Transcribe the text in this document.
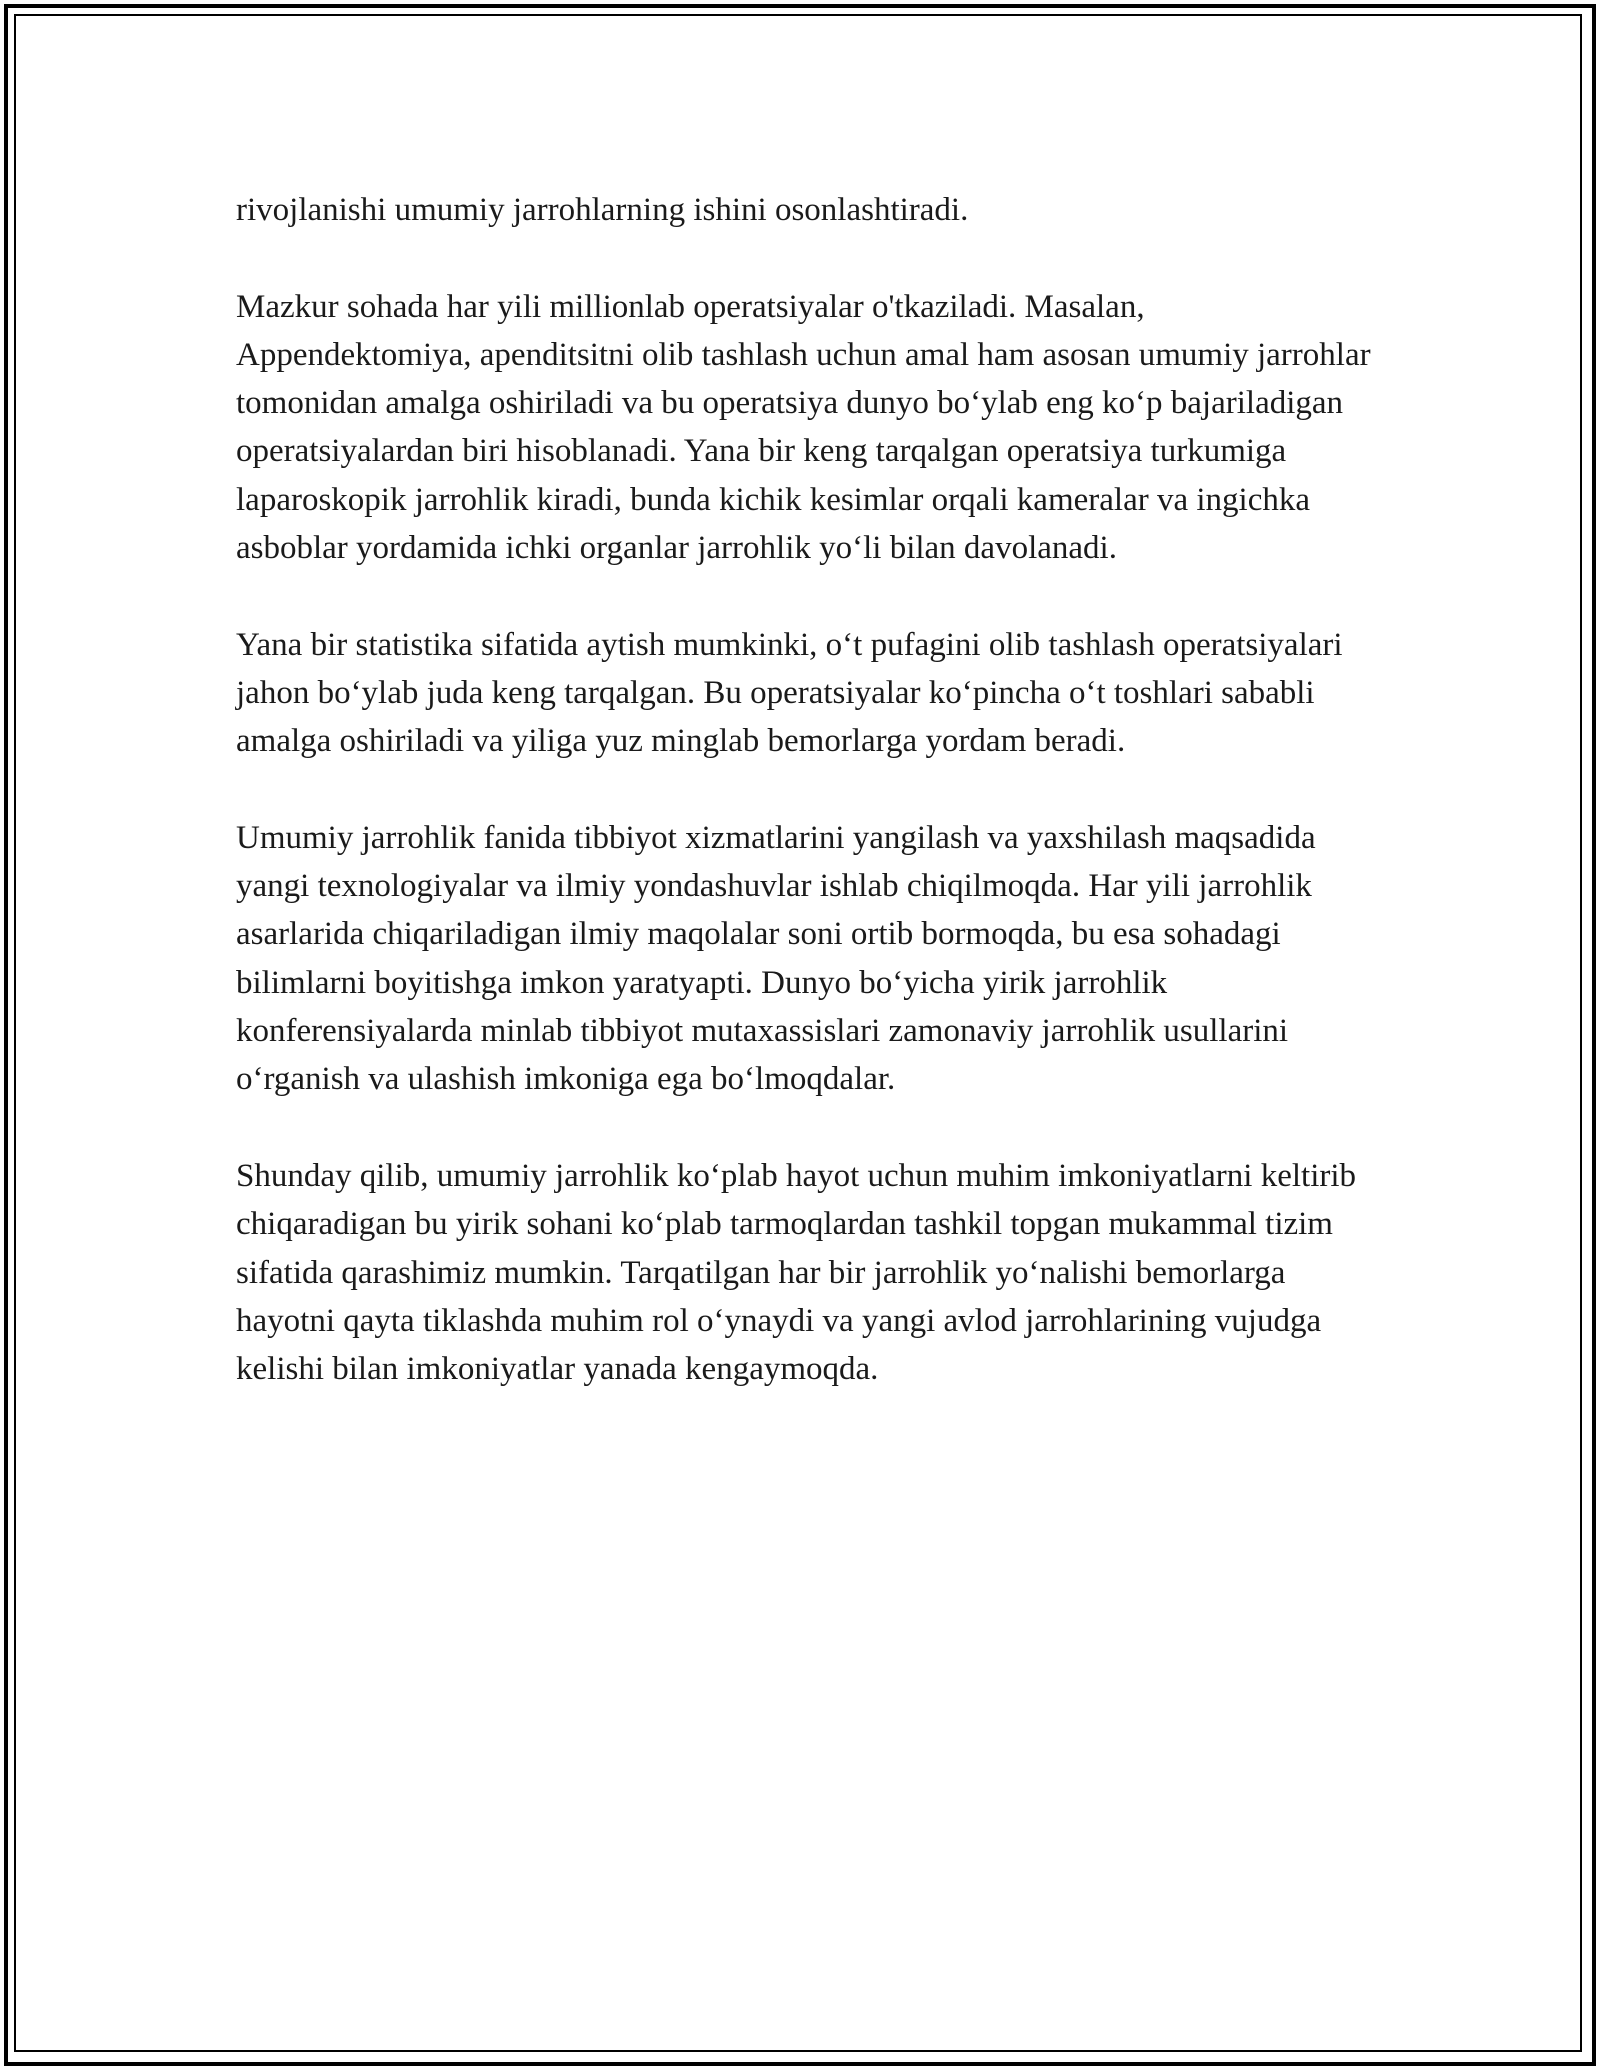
rivojlanishi umumiy jarrohlarning ishini osonlashtiradi.

Mazkur sohada har yili millionlab operatsiyalar o'tkaziladi. Masalan, Appendektomiya, apenditsitni olib tashlash uchun amal ham asosan umumiy jarrohlar tomonidan amalga oshiriladi va bu operatsiya dunyo bo‘ylab eng ko‘p bajariladigan operatsiyalardan biri hisoblanadi. Yana bir keng tarqalgan operatsiya turkumiga laparoskopik jarrohlik kiradi, bunda kichik kesimlar orqali kameralar va ingichka asboblar yordamida ichki organlar jarrohlik yo‘li bilan davolanadi.

Yana bir statistika sifatida aytish mumkinki, o‘t pufagini olib tashlash operatsiyalari jahon bo‘ylab juda keng tarqalgan. Bu operatsiyalar ko‘pincha o‘t toshlari sababli amalga oshiriladi va yiliga yuz minglab bemorlarga yordam beradi.

Umumiy jarrohlik fanida tibbiyot xizmatlarini yangilash va yaxshilash maqsadida yangi texnologiyalar va ilmiy yondashuvlar ishlab chiqilmoqda. Har yili jarrohlik asarlarida chiqariladigan ilmiy maqolalar soni ortib bormoqda, bu esa sohadagi bilimlarni boyitishga imkon yaratyapti. Dunyo bo‘yicha yirik jarrohlik konferensiyalarda minlab tibbiyot mutaxassislari zamonaviy jarrohlik usullarini o‘rganish va ulashish imkoniga ega bo‘lmoqdalar.

Shunday qilib, umumiy jarrohlik ko‘plab hayot uchun muhim imkoniyatlarni keltirib chiqaradigan bu yirik sohani ko‘plab tarmoqlardan tashkil topgan mukammal tizim sifatida qarashimiz mumkin. Tarqatilgan har bir jarrohlik yo‘nalishi bemorlarga hayotni qayta tiklashda muhim rol o‘ynaydi va yangi avlod jarrohlarining vujudga kelishi bilan imkoniyatlar yanada kengaymoqda.
